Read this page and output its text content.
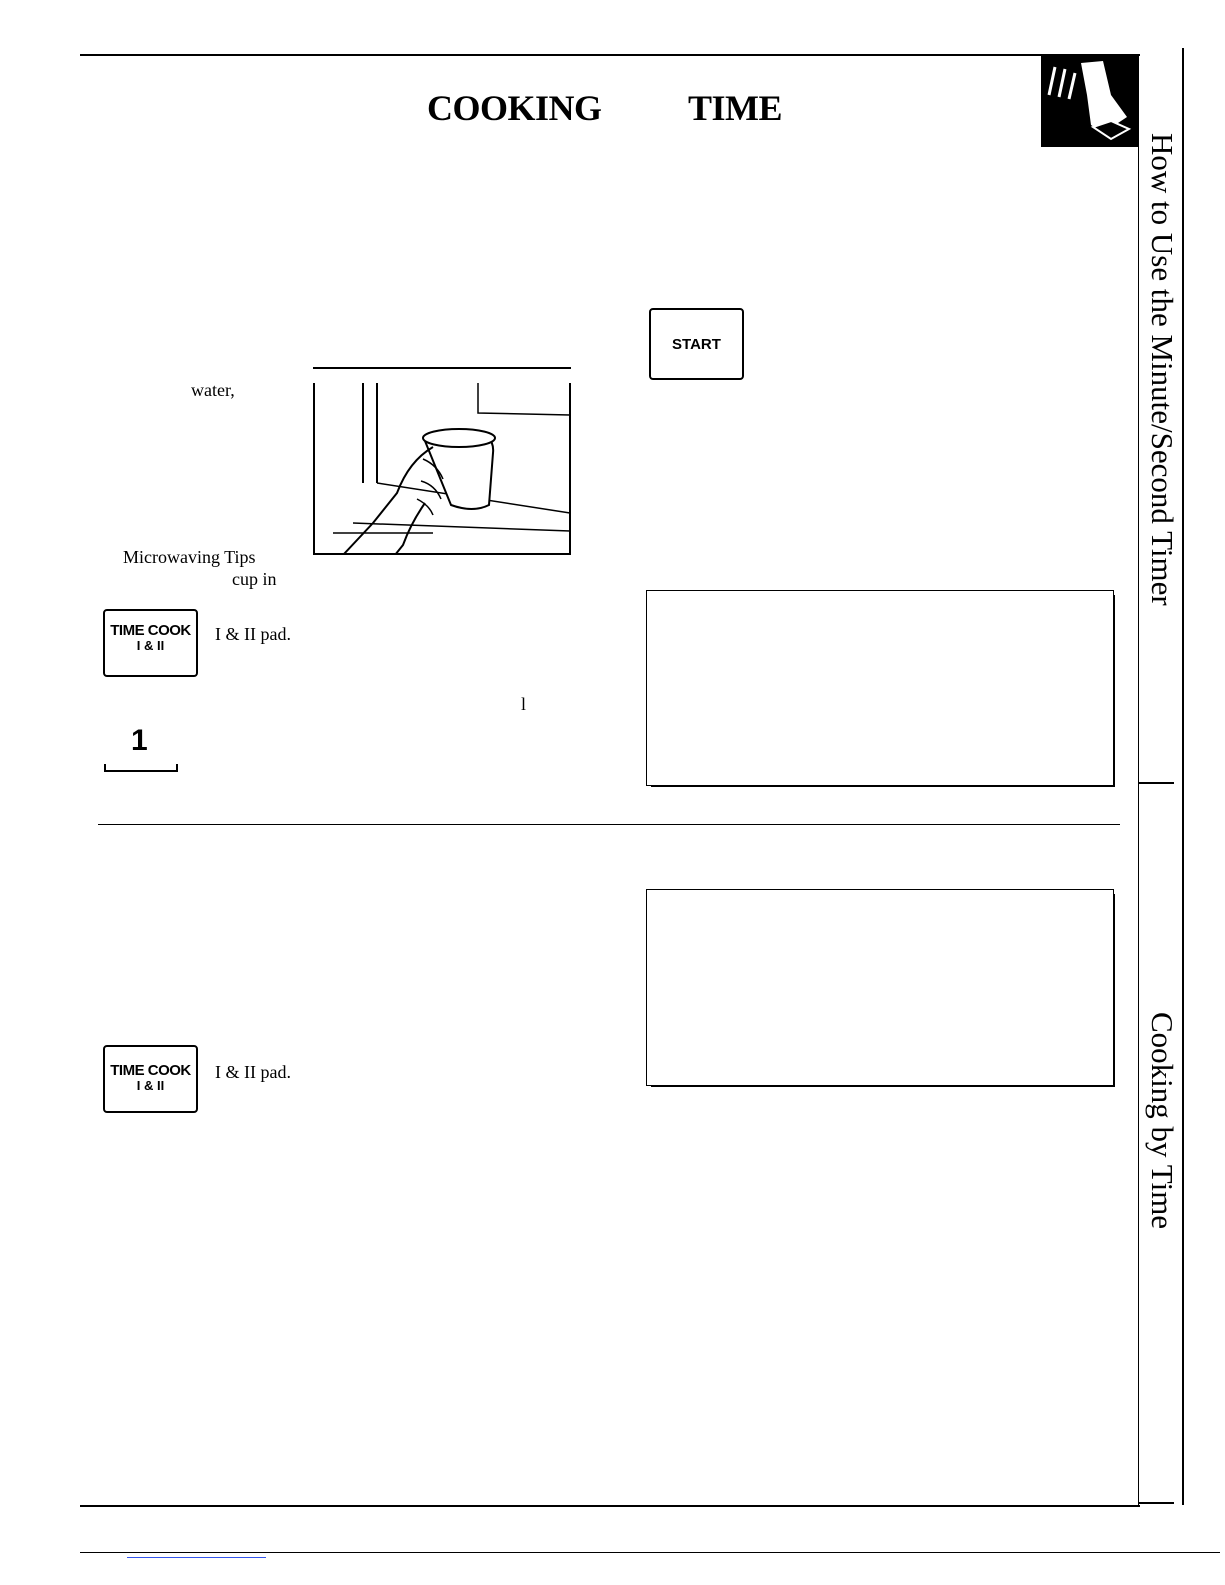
COOKING TIME
How to Use the Minute/Second Timer
Cooking by Time
water,
Microwaving Tips
cup in
TIME COOK
I & II
I & II pad.
l
1
START
TIME COOK
I & II
I & II pad.
